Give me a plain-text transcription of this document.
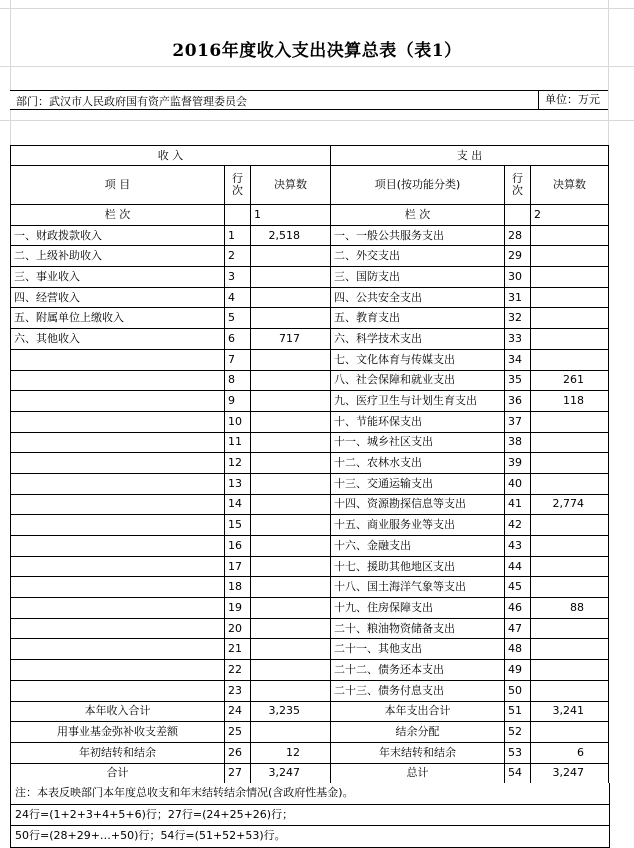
2016年度收入支出决算总表（表1）
部门：武汉市人民政府国有资产监督管理委员会	单位：万元
收 入			支 出		
项 目	行次	决算数	项目(按功能分类)	行次	决算数
栏 次		1	栏 次		2
一、财政拨款收入	1	2,518	一、一般公共服务支出	28	
二、上级补助收入	2		二、外交支出	29	
三、事业收入	3		三、国防支出	30	
四、经营收入	4		四、公共安全支出	31	
五、附属单位上缴收入	5		五、教育支出	32	
六、其他收入	6	717	六、科学技术支出	33	
	7		七、文化体育与传媒支出	34	
	8		八、社会保障和就业支出	35	261
	9		九、医疗卫生与计划生育支出	36	118
	10		十、节能环保支出	37	
	11		十一、城乡社区支出	38	
	12		十二、农林水支出	39	
	13		十三、交通运输支出	40	
	14		十四、资源勘探信息等支出	41	2,774
	15		十五、商业服务业等支出	42	
	16		十六、金融支出	43	
	17		十七、援助其他地区支出	44	
	18		十八、国土海洋气象等支出	45	
	19		十九、住房保障支出	46	88
	20		二十、粮油物资储备支出	47	
	21		二十一、其他支出	48	
	22		二十二、债务还本支出	49	
	23		二十三、债务付息支出	50	
本年收入合计	24	3,235	本年支出合计	51	3,241
用事业基金弥补收支差额	25		结余分配	52	
年初结转和结余	26	12	年末结转和结余	53	6
合计	27	3,247	总计	54	3,247
注：本表反映部门本年度总收支和年末结转结余情况(含政府性基金)。
24行=(1+2+3+4+5+6)行；27行=(24+25+26)行；
50行=(28+29+…+50)行；54行=(51+52+53)行。
